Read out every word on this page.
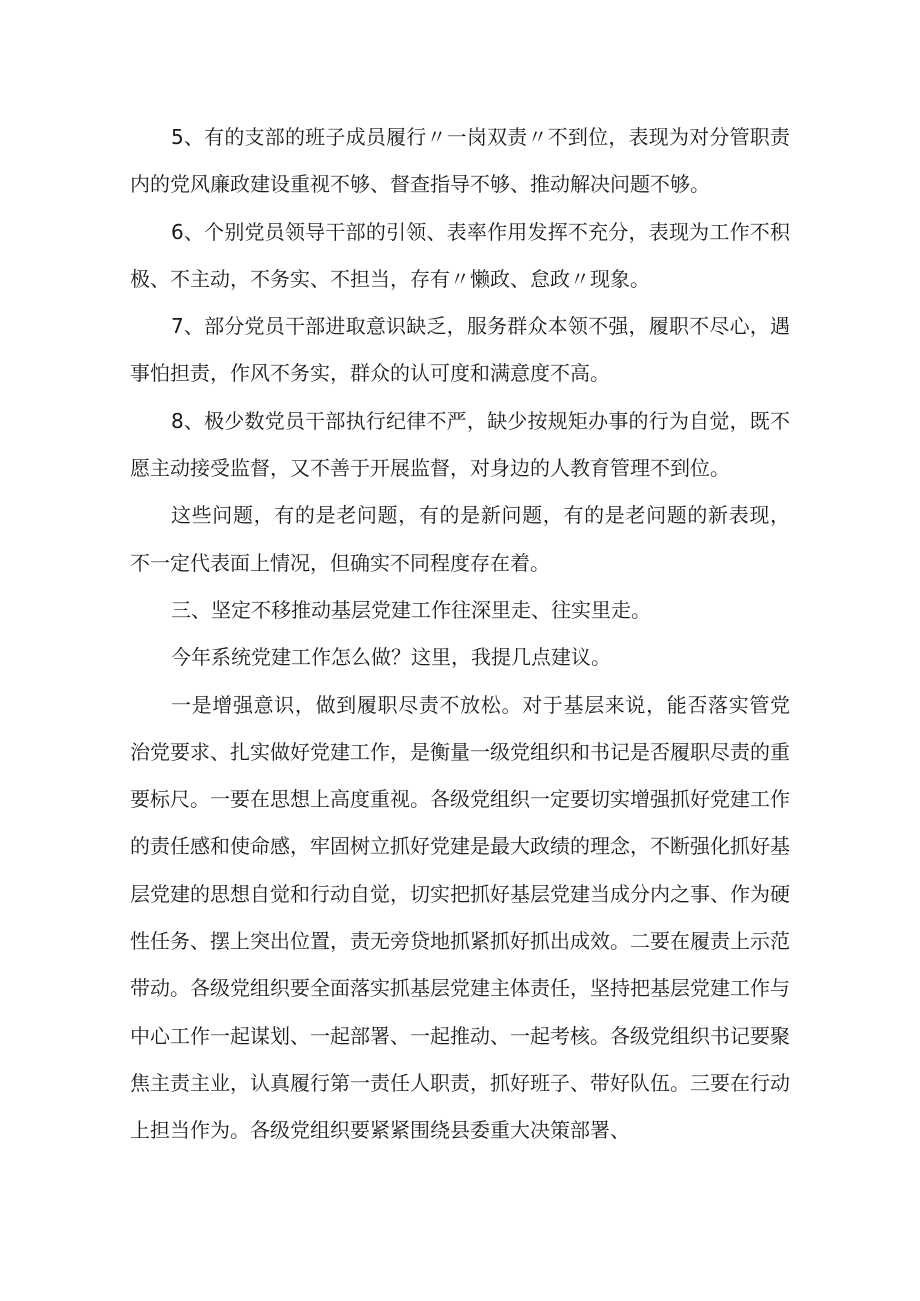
5、有的支部的班子成员履行〃一岗双责〃不到位，表现为对分管职责内的党风廉政建设重视不够、督查指导不够、推动解决问题不够。

6、个别党员领导干部的引领、表率作用发挥不充分，表现为工作不积极、不主动，不务实、不担当，存有〃懒政、怠政〃现象。

7、部分党员干部进取意识缺乏，服务群众本领不强，履职不尽心，遇事怕担责，作风不务实，群众的认可度和满意度不高。

8、极少数党员干部执行纪律不严，缺少按规矩办事的行为自觉，既不愿主动接受监督，又不善于开展监督，对身边的人教育管理不到位。

这些问题，有的是老问题，有的是新问题，有的是老问题的新表现，不一定代表面上情况，但确实不同程度存在着。

三、坚定不移推动基层党建工作往深里走、往实里走。

今年系统党建工作怎么做？这里，我提几点建议。

一是增强意识，做到履职尽责不放松。对于基层来说，能否落实管党治党要求、扎实做好党建工作，是衡量一级党组织和书记是否履职尽责的重要标尺。一要在思想上高度重视。各级党组织一定要切实增强抓好党建工作的责任感和使命感，牢固树立抓好党建是最大政绩的理念，不断强化抓好基层党建的思想自觉和行动自觉，切实把抓好基层党建当成分内之事、作为硬性任务、摆上突出位置，责无旁贷地抓紧抓好抓出成效。二要在履责上示范带动。各级党组织要全面落实抓基层党建主体责任，坚持把基层党建工作与中心工作一起谋划、一起部署、一起推动、一起考核。各级党组织书记要聚焦主责主业，认真履行第一责任人职责，抓好班子、带好队伍。三要在行动上担当作为。各级党组织要紧紧围绕县委重大决策部署、
